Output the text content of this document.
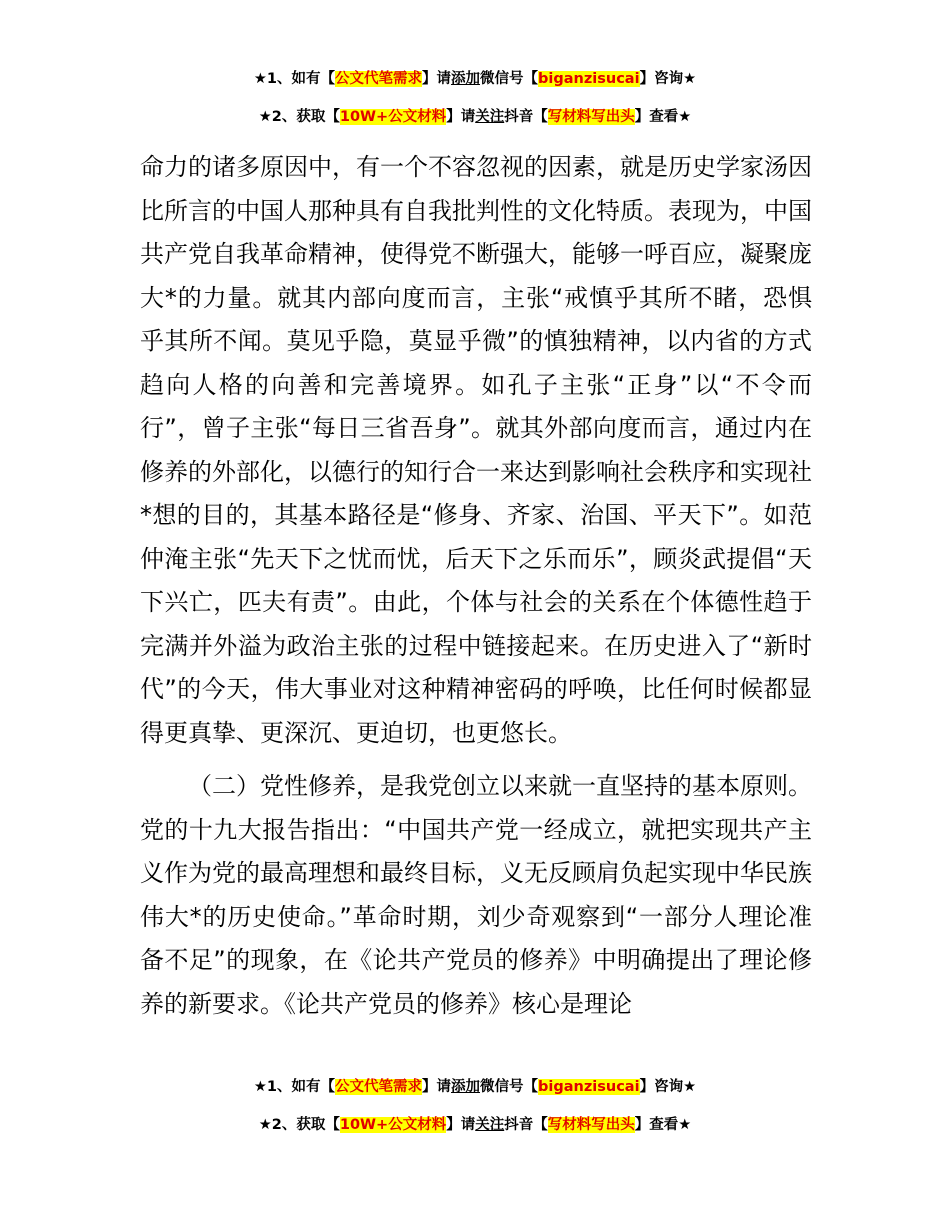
★1、如有【公文代笔需求】请添加微信号【biganzisucai】咨询★
★2、获取【10W+公文材料】请关注抖音【写材料写出头】查看★

命力的诸多原因中，有一个不容忽视的因素，就是历史学家汤因比所言的中国人那种具有自我批判性的文化特质。表现为，中国共产党自我革命精神，使得党不断强大，能够一呼百应，凝聚庞大*的力量。就其内部向度而言，主张“戒慎乎其所不睹，恐惧乎其所不闻。莫见乎隐，莫显乎微”的慎独精神，以内省的方式趋向人格的向善和完善境界。如孔子主张“正身”以“不令而行”，曾子主张“每日三省吾身”。就其外部向度而言，通过内在修养的外部化，以德行的知行合一来达到影响社会秩序和实现社*想的目的，其基本路径是“修身、齐家、治国、平天下”。如范仲淹主张“先天下之忧而忧，后天下之乐而乐”，顾炎武提倡“天下兴亡，匹夫有责”。由此，个体与社会的关系在个体德性趋于完满并外溢为政治主张的过程中链接起来。在历史进入了“新时代”的今天，伟大事业对这种精神密码的呼唤，比任何时候都显得更真挚、更深沉、更迫切，也更悠长。

（二）党性修养，是我党创立以来就一直坚持的基本原则。党的十九大报告指出：“中国共产党一经成立，就把实现共产主义作为党的最高理想和最终目标，义无反顾肩负起实现中华民族伟大*的历史使命。”革命时期，刘少奇观察到“一部分人理论准备不足”的现象，在《论共产党员的修养》中明确提出了理论修养的新要求。《论共产党员的修养》核心是理论

★1、如有【公文代笔需求】请添加微信号【biganzisucai】咨询★
★2、获取【10W+公文材料】请关注抖音【写材料写出头】查看★
